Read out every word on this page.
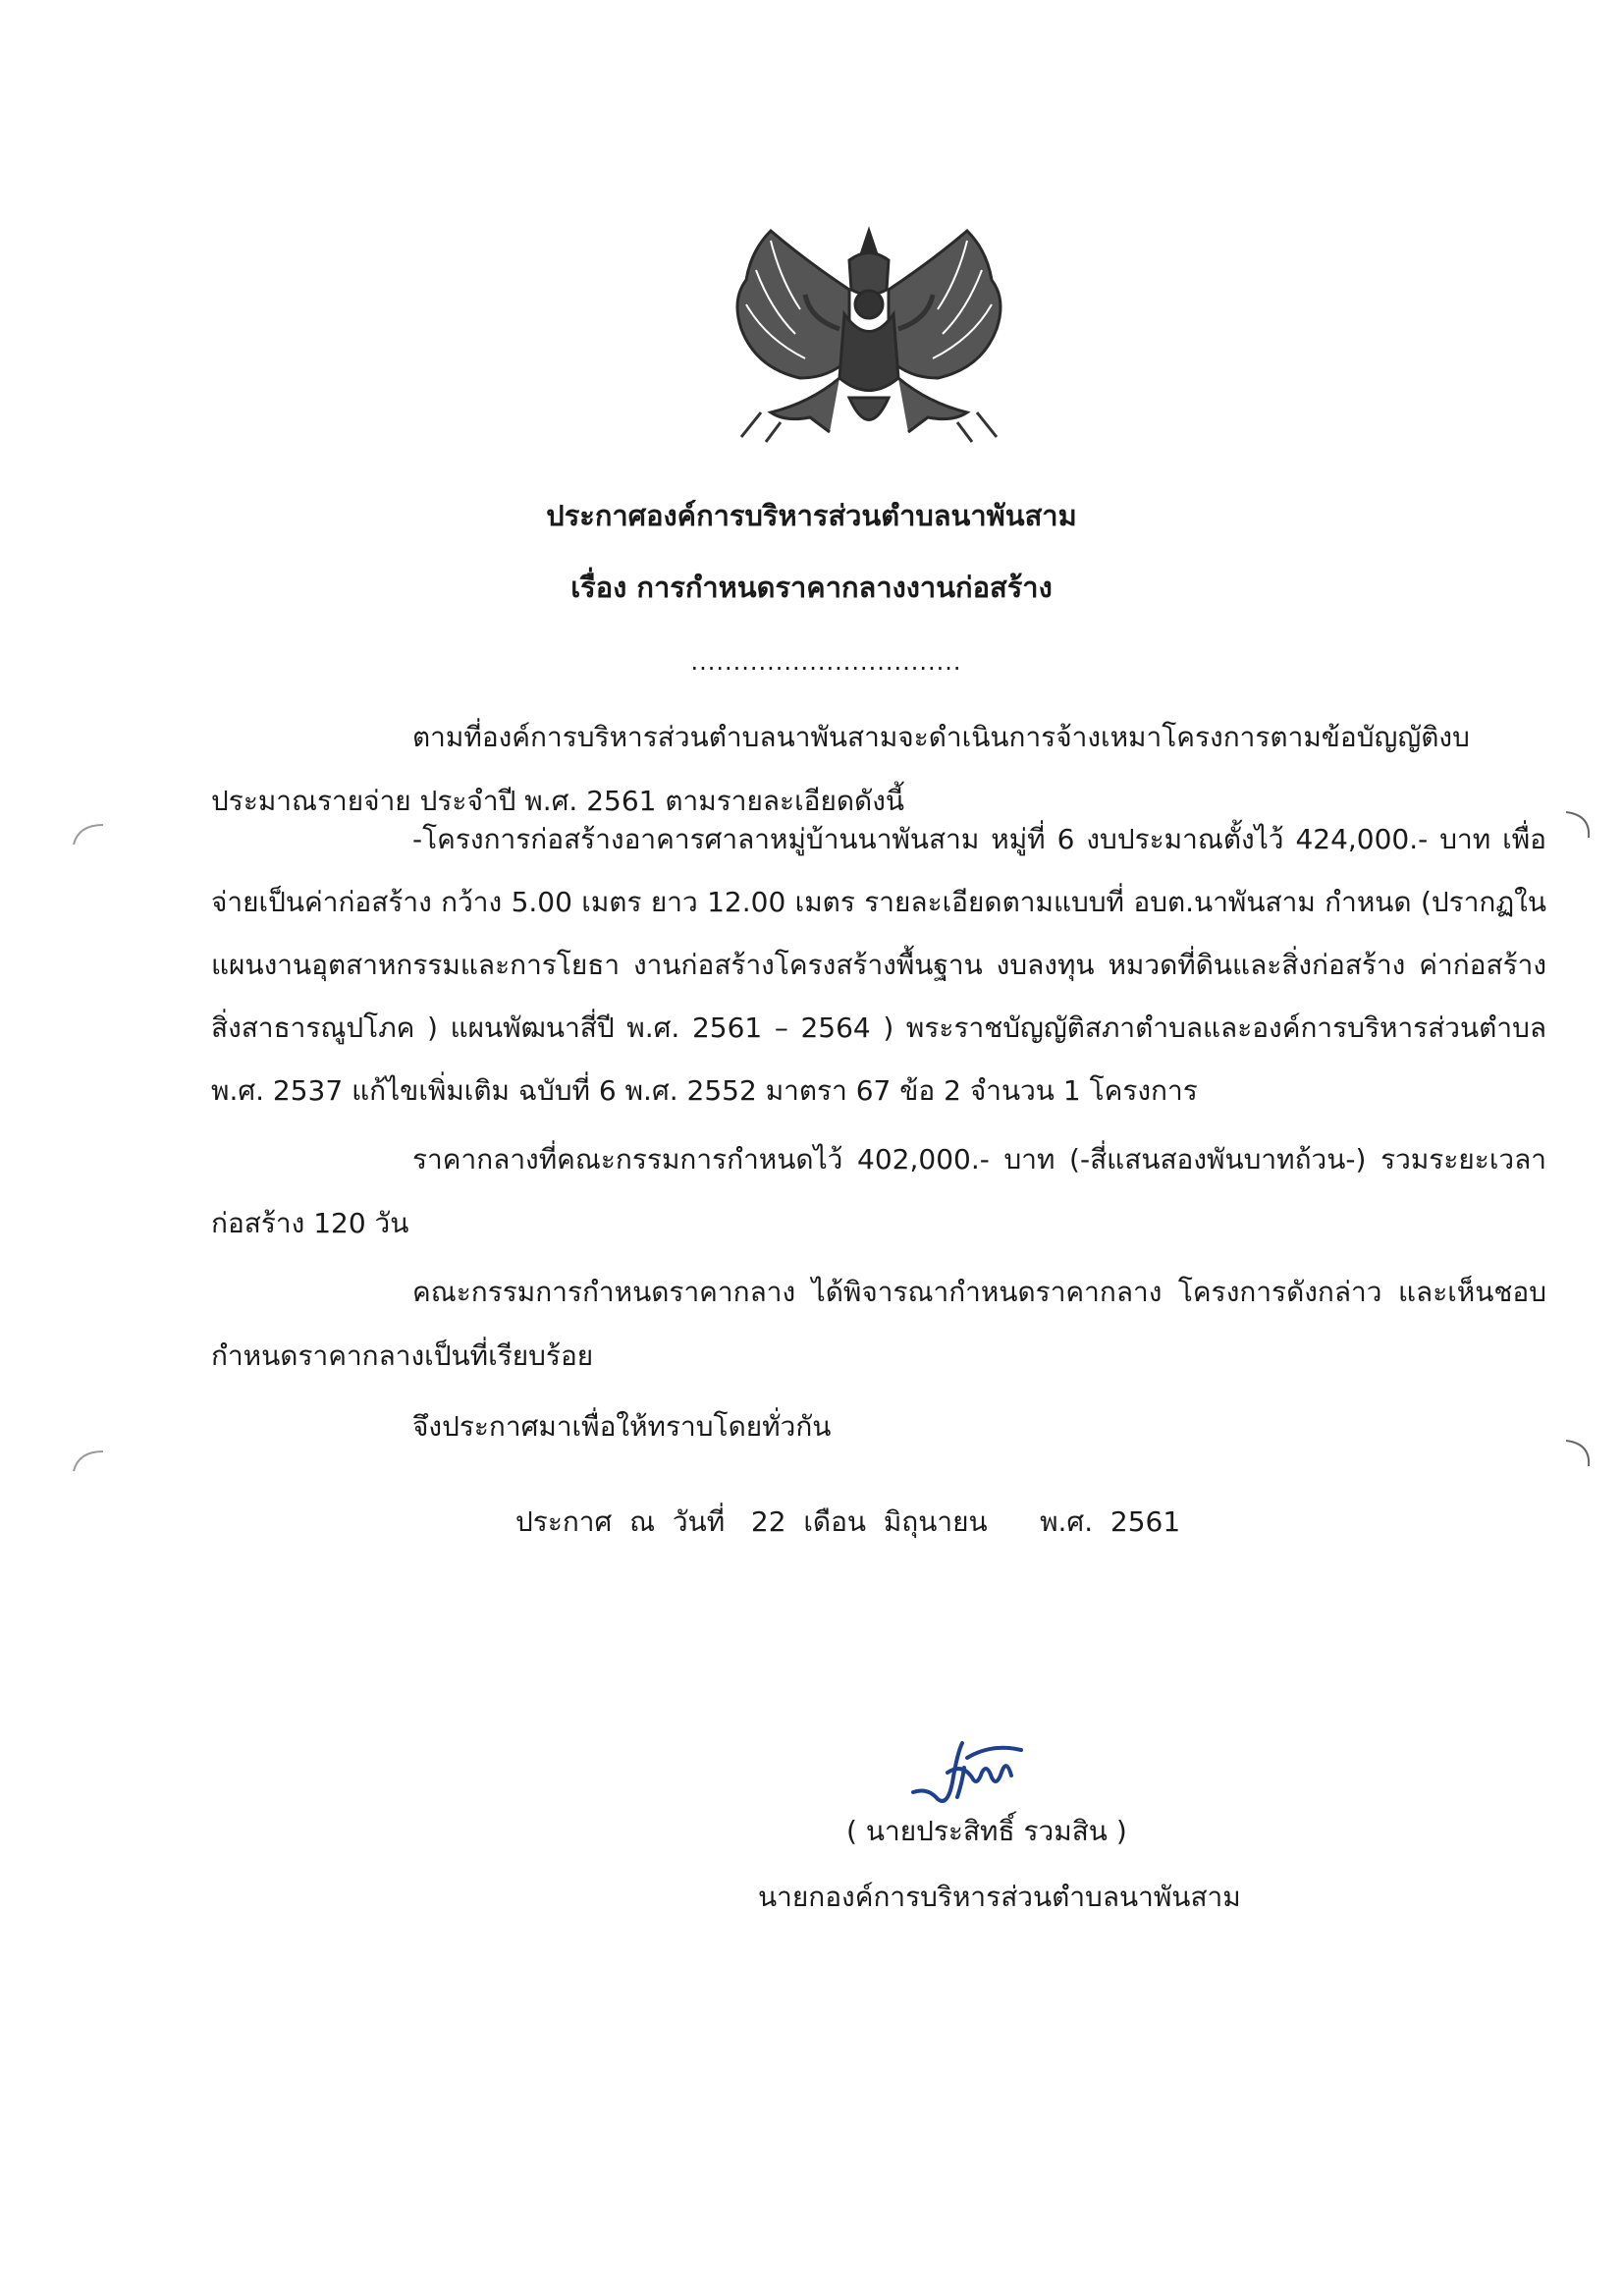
ประกาศองค์การบริหารส่วนตำบลนาพันสาม
เรื่อง การกำหนดราคากลางงานก่อสร้าง
................................
ตามที่องค์การบริหารส่วนตำบลนาพันสามจะดำเนินการจ้างเหมาโครงการตามข้อบัญญัติงบประมาณรายจ่าย ประจำปี พ.ศ. 2561 ตามรายละเอียดดังนี้
-โครงการก่อสร้างอาคารศาลาหมู่บ้านนาพันสาม หมู่ที่ 6 งบประมาณตั้งไว้ 424,000.- บาท เพื่อจ่ายเป็นค่าก่อสร้าง กว้าง 5.00 เมตร ยาว 12.00 เมตร รายละเอียดตามแบบที่ อบต.นาพันสาม กำหนด (ปรากฏในแผนงานอุตสาหกรรมและการโยธา งานก่อสร้างโครงสร้างพื้นฐาน งบลงทุน หมวดที่ดินและสิ่งก่อสร้าง ค่าก่อสร้างสิ่งสาธารณูปโภค ) แผนพัฒนาสี่ปี พ.ศ. 2561 – 2564 ) พระราชบัญญัติสภาตำบลและองค์การบริหารส่วนตำบล พ.ศ. 2537 แก้ไขเพิ่มเติม ฉบับที่ 6 พ.ศ. 2552 มาตรา 67 ข้อ 2 จำนวน 1 โครงการ
ราคากลางที่คณะกรรมการกำหนดไว้ 402,000.- บาท (-สี่แสนสองพันบาทถ้วน-) รวมระยะเวลาก่อสร้าง 120 วัน
คณะกรรมการกำหนดราคากลาง ได้พิจารณากำหนดราคากลาง โครงการดังกล่าว และเห็นชอบกำหนดราคากลางเป็นที่เรียบร้อย
จึงประกาศมาเพื่อให้ทราบโดยทั่วกัน
ประกาศ  ณ  วันที่   22  เดือน  มิถุนายน      พ.ศ.  2561
( นายประสิทธิ์ รวมสิน )
นายกองค์การบริหารส่วนตำบลนาพันสาม
